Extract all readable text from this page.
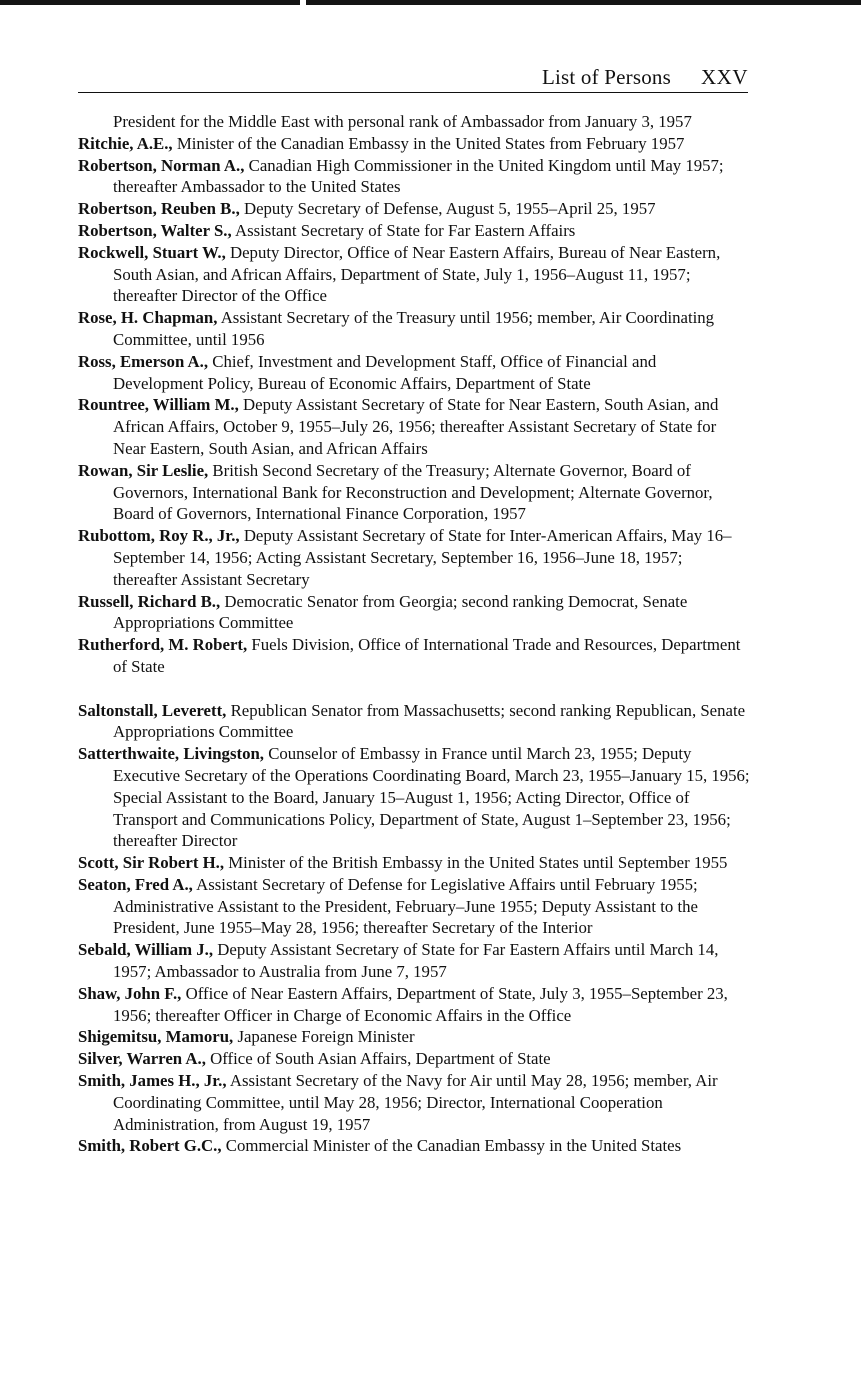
List of Persons XXV

President for the Middle East with personal rank of Ambassador from January 3, 1957

Ritchie, A.E., Minister of the Canadian Embassy in the United States from February 1957

Robertson, Norman A., Canadian High Commissioner in the United Kingdom until May 1957; thereafter Ambassador to the United States

Robertson, Reuben B., Deputy Secretary of Defense, August 5, 1955–April 25, 1957

Robertson, Walter S., Assistant Secretary of State for Far Eastern Affairs

Rockwell, Stuart W., Deputy Director, Office of Near Eastern Affairs, Bureau of Near Eastern, South Asian, and African Affairs, Department of State, July 1, 1956–August 11, 1957; thereafter Director of the Office

Rose, H. Chapman, Assistant Secretary of the Treasury until 1956; member, Air Coordinating Committee, until 1956

Ross, Emerson A., Chief, Investment and Development Staff, Office of Financial and Development Policy, Bureau of Economic Affairs, Department of State

Rountree, William M., Deputy Assistant Secretary of State for Near Eastern, South Asian, and African Affairs, October 9, 1955–July 26, 1956; thereafter Assistant Secretary of State for Near Eastern, South Asian, and African Affairs

Rowan, Sir Leslie, British Second Secretary of the Treasury; Alternate Governor, Board of Governors, International Bank for Reconstruction and Development; Alternate Governor, Board of Governors, International Finance Corporation, 1957

Rubottom, Roy R., Jr., Deputy Assistant Secretary of State for Inter-American Affairs, May 16–September 14, 1956; Acting Assistant Secretary, September 16, 1956–June 18, 1957; thereafter Assistant Secretary

Russell, Richard B., Democratic Senator from Georgia; second ranking Democrat, Senate Appropriations Committee

Rutherford, M. Robert, Fuels Division, Office of International Trade and Resources, Department of State

Saltonstall, Leverett, Republican Senator from Massachusetts; second ranking Republican, Senate Appropriations Committee

Satterthwaite, Livingston, Counselor of Embassy in France until March 23, 1955; Deputy Executive Secretary of the Operations Coordinating Board, March 23, 1955–January 15, 1956; Special Assistant to the Board, January 15–August 1, 1956; Acting Director, Office of Transport and Communications Policy, Department of State, August 1–September 23, 1956; thereafter Director

Scott, Sir Robert H., Minister of the British Embassy in the United States until September 1955

Seaton, Fred A., Assistant Secretary of Defense for Legislative Affairs until February 1955; Administrative Assistant to the President, February–June 1955; Deputy Assistant to the President, June 1955–May 28, 1956; thereafter Secretary of the Interior

Sebald, William J., Deputy Assistant Secretary of State for Far Eastern Affairs until March 14, 1957; Ambassador to Australia from June 7, 1957

Shaw, John F., Office of Near Eastern Affairs, Department of State, July 3, 1955–September 23, 1956; thereafter Officer in Charge of Economic Affairs in the Office

Shigemitsu, Mamoru, Japanese Foreign Minister

Silver, Warren A., Office of South Asian Affairs, Department of State

Smith, James H., Jr., Assistant Secretary of the Navy for Air until May 28, 1956; member, Air Coordinating Committee, until May 28, 1956; Director, International Cooperation Administration, from August 19, 1957

Smith, Robert G.C., Commercial Minister of the Canadian Embassy in the United States
